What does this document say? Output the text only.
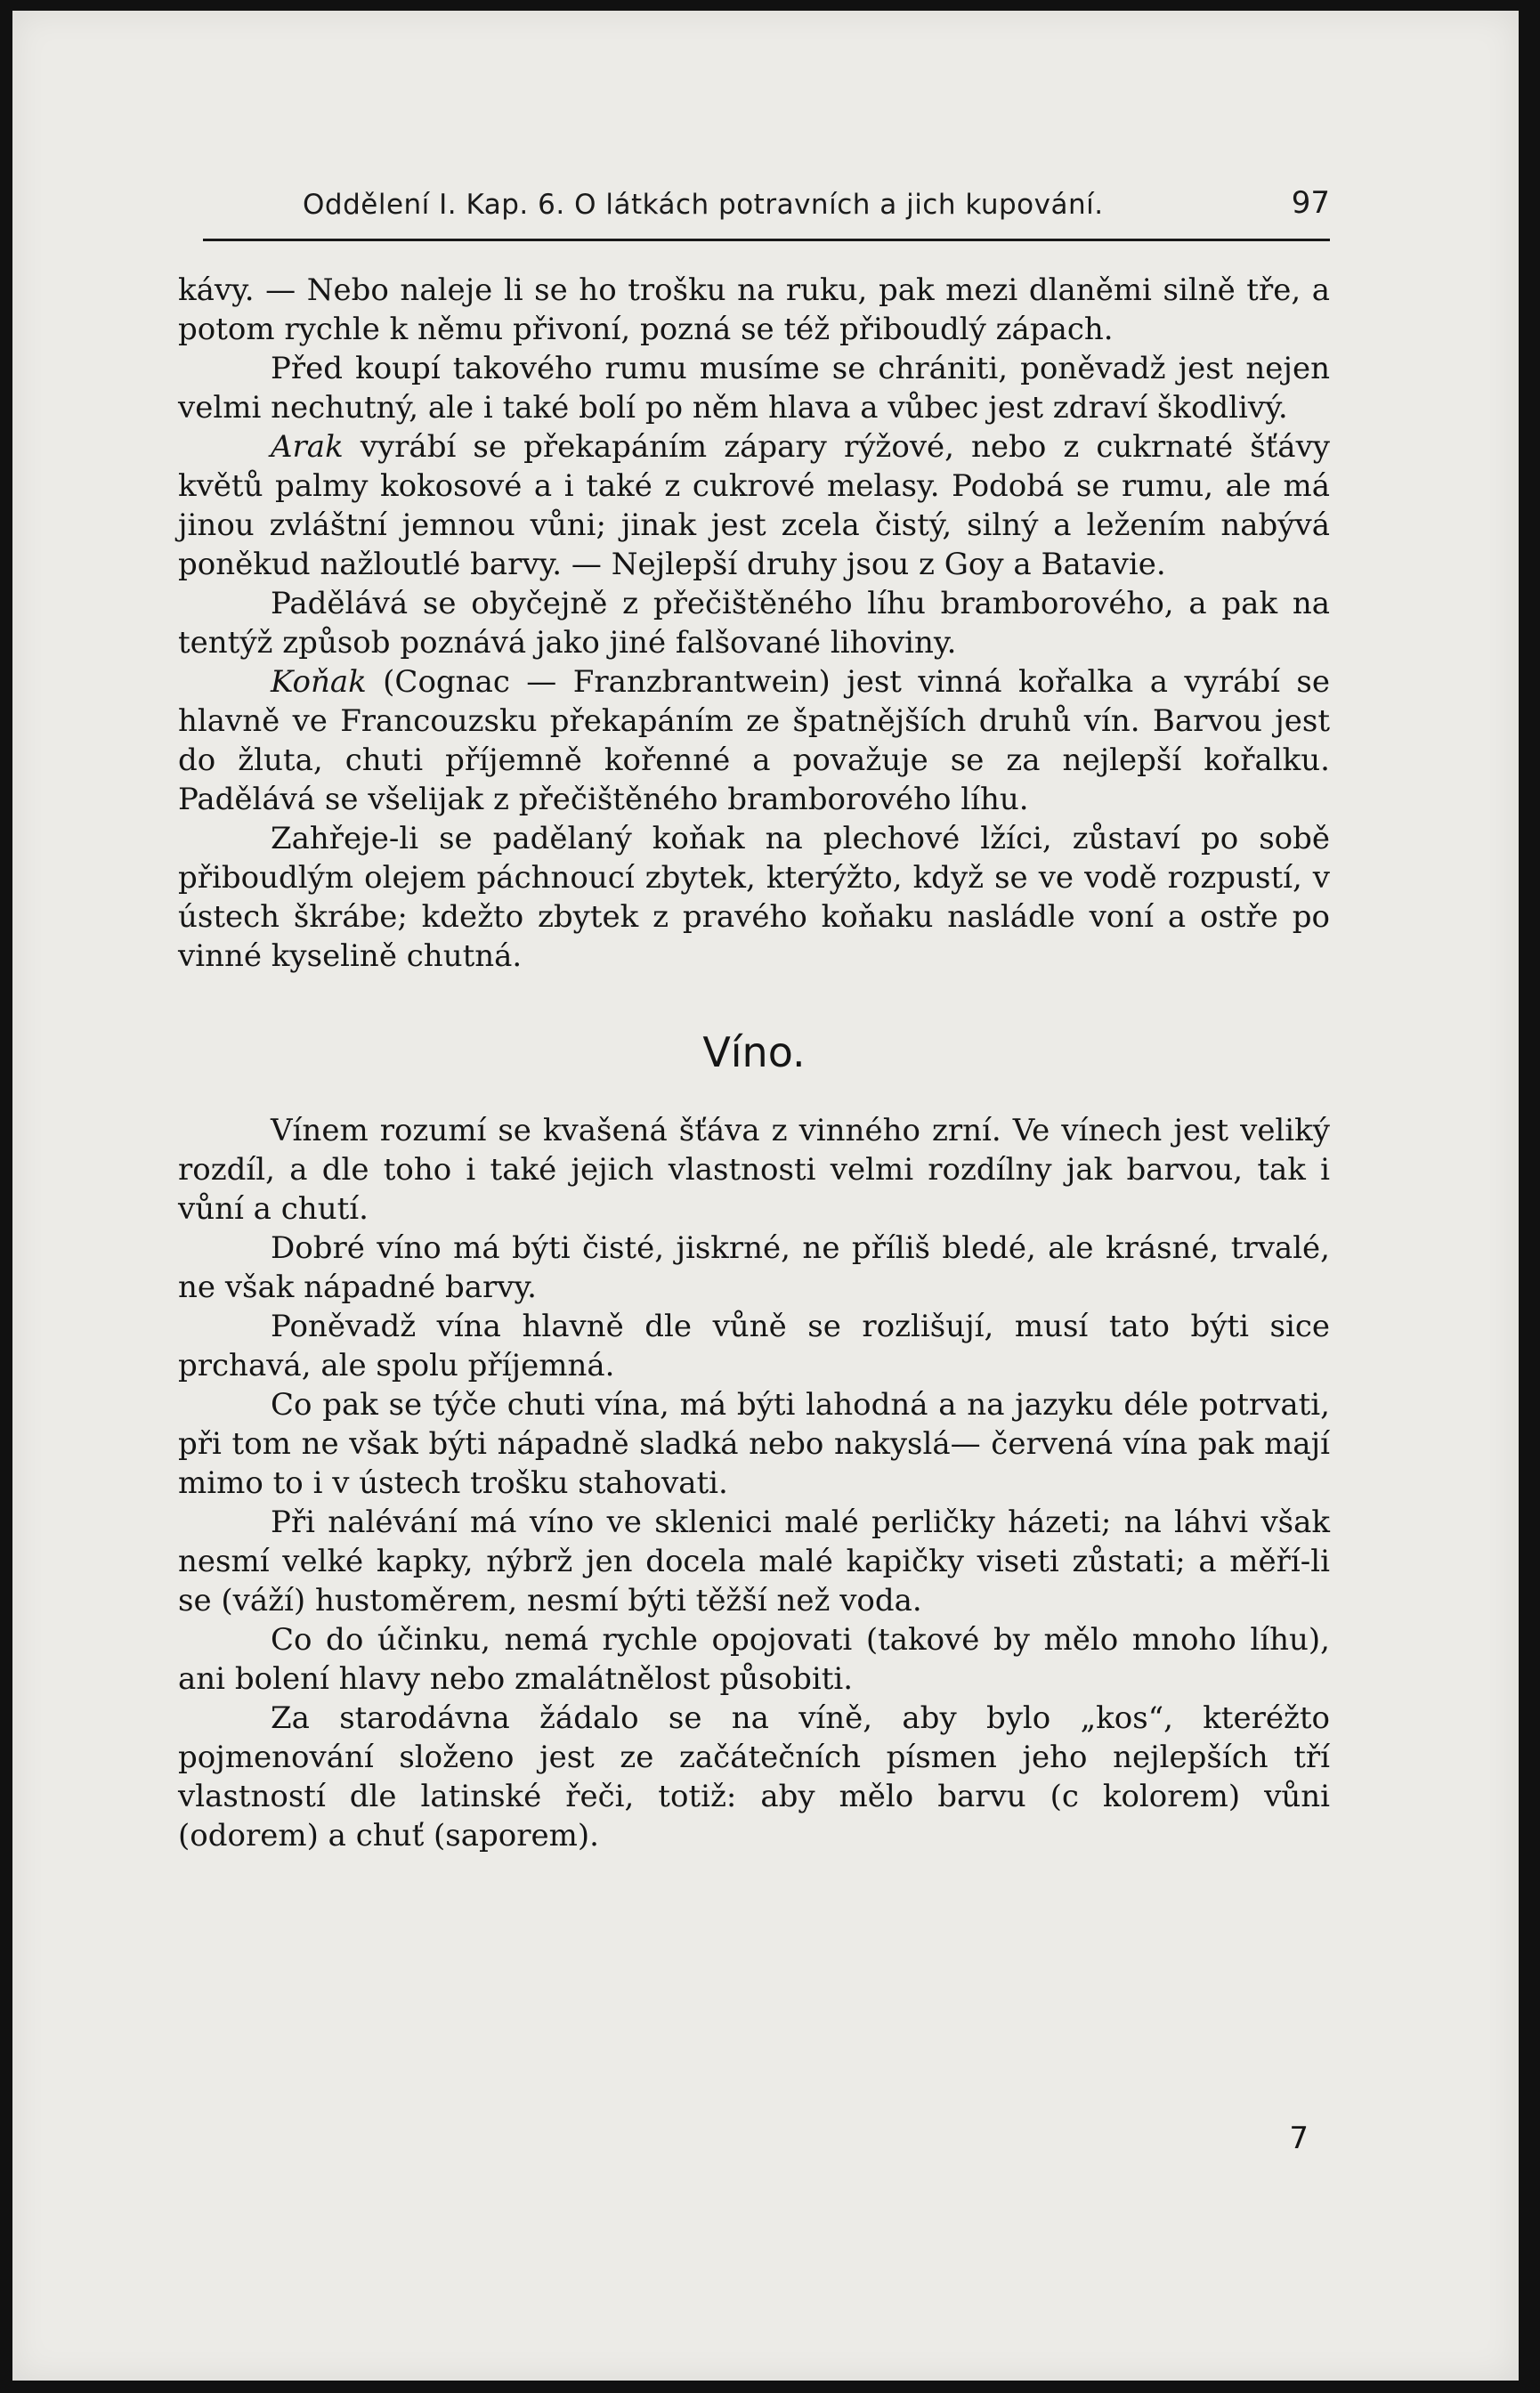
Oddělení I. Kap. 6. O látkách potravních a jich kupování.	97

kávy. — Nebo naleje li se ho trošku na ruku, pak mezi dlaněmi silně tře, a potom rychle k němu přivoní, pozná se též přiboudlý zápach.

Před koupí takového rumu musíme se chrániti, poněvadž jest nejen velmi nechutný, ale i také bolí po něm hlava a vůbec jest zdraví škodlivý.

Arak vyrábí se překapáním zápary rýžové, nebo z cukrnaté šťávy květů palmy kokosové a i také z cukrové melasy. Podobá se rumu, ale má jinou zvláštní jemnou vůni; jinak jest zcela čistý, silný a ležením nabývá poněkud nažloutlé barvy. — Nejlepší druhy jsou z Goy a Batavie.

Padělává se obyčejně z přečištěného líhu bramborového, a pak na tentýž způsob poznává jako jiné falšované lihoviny.

Koňak (Cognac — Franzbrantwein) jest vinná kořalka a vyrábí se hlavně ve Francouzsku překapáním ze špatnějších druhů vín. Barvou jest do žluta, chuti příjemně kořenné a považuje se za nejlepší kořalku. Padělává se všelijak z přečištěného bramborového líhu.

Zahřeje-li se padělaný koňak na plechové lžíci, zůstaví po sobě přiboudlým olejem páchnoucí zbytek, kterýžto, když se ve vodě rozpustí, v ústech škrábe; kdežto zbytek z pravého koňaku nasládle voní a ostře po vinné kyselině chutná.

Víno.

Vínem rozumí se kvašená šťáva z vinného zrní. Ve vínech jest veliký rozdíl, a dle toho i také jejich vlastnosti velmi rozdílny jak barvou, tak i vůní a chutí.

Dobré víno má býti čisté, jiskrné, ne příliš bledé, ale krásné, trvalé, ne však nápadné barvy.

Poněvadž vína hlavně dle vůně se rozlišují, musí tato býti sice prchavá, ale spolu příjemná.

Co pak se týče chuti vína, má býti lahodná a na jazyku déle potrvati, při tom ne však býti nápadně sladká nebo nakyslá— červená vína pak mají mimo to i v ústech trošku stahovati.

Při nalévání má víno ve sklenici malé perličky házeti; na láhvi však nesmí velké kapky, nýbrž jen docela malé kapičky viseti zůstati; a měří-li se (váží) hustoměrem, nesmí býti těžší než voda.

Co do účinku, nemá rychle opojovati (takové by mělo mnoho líhu), ani bolení hlavy nebo zmalátnělost působiti.

Za starodávna žádalo se na víně, aby bylo „kos“, kteréžto pojmenování složeno jest ze začátečních písmen jeho nejlepších tří vlastností dle latinské řeči, totiž: aby mělo barvu (c kolorem) vůni (odorem) a chuť (saporem).

7
